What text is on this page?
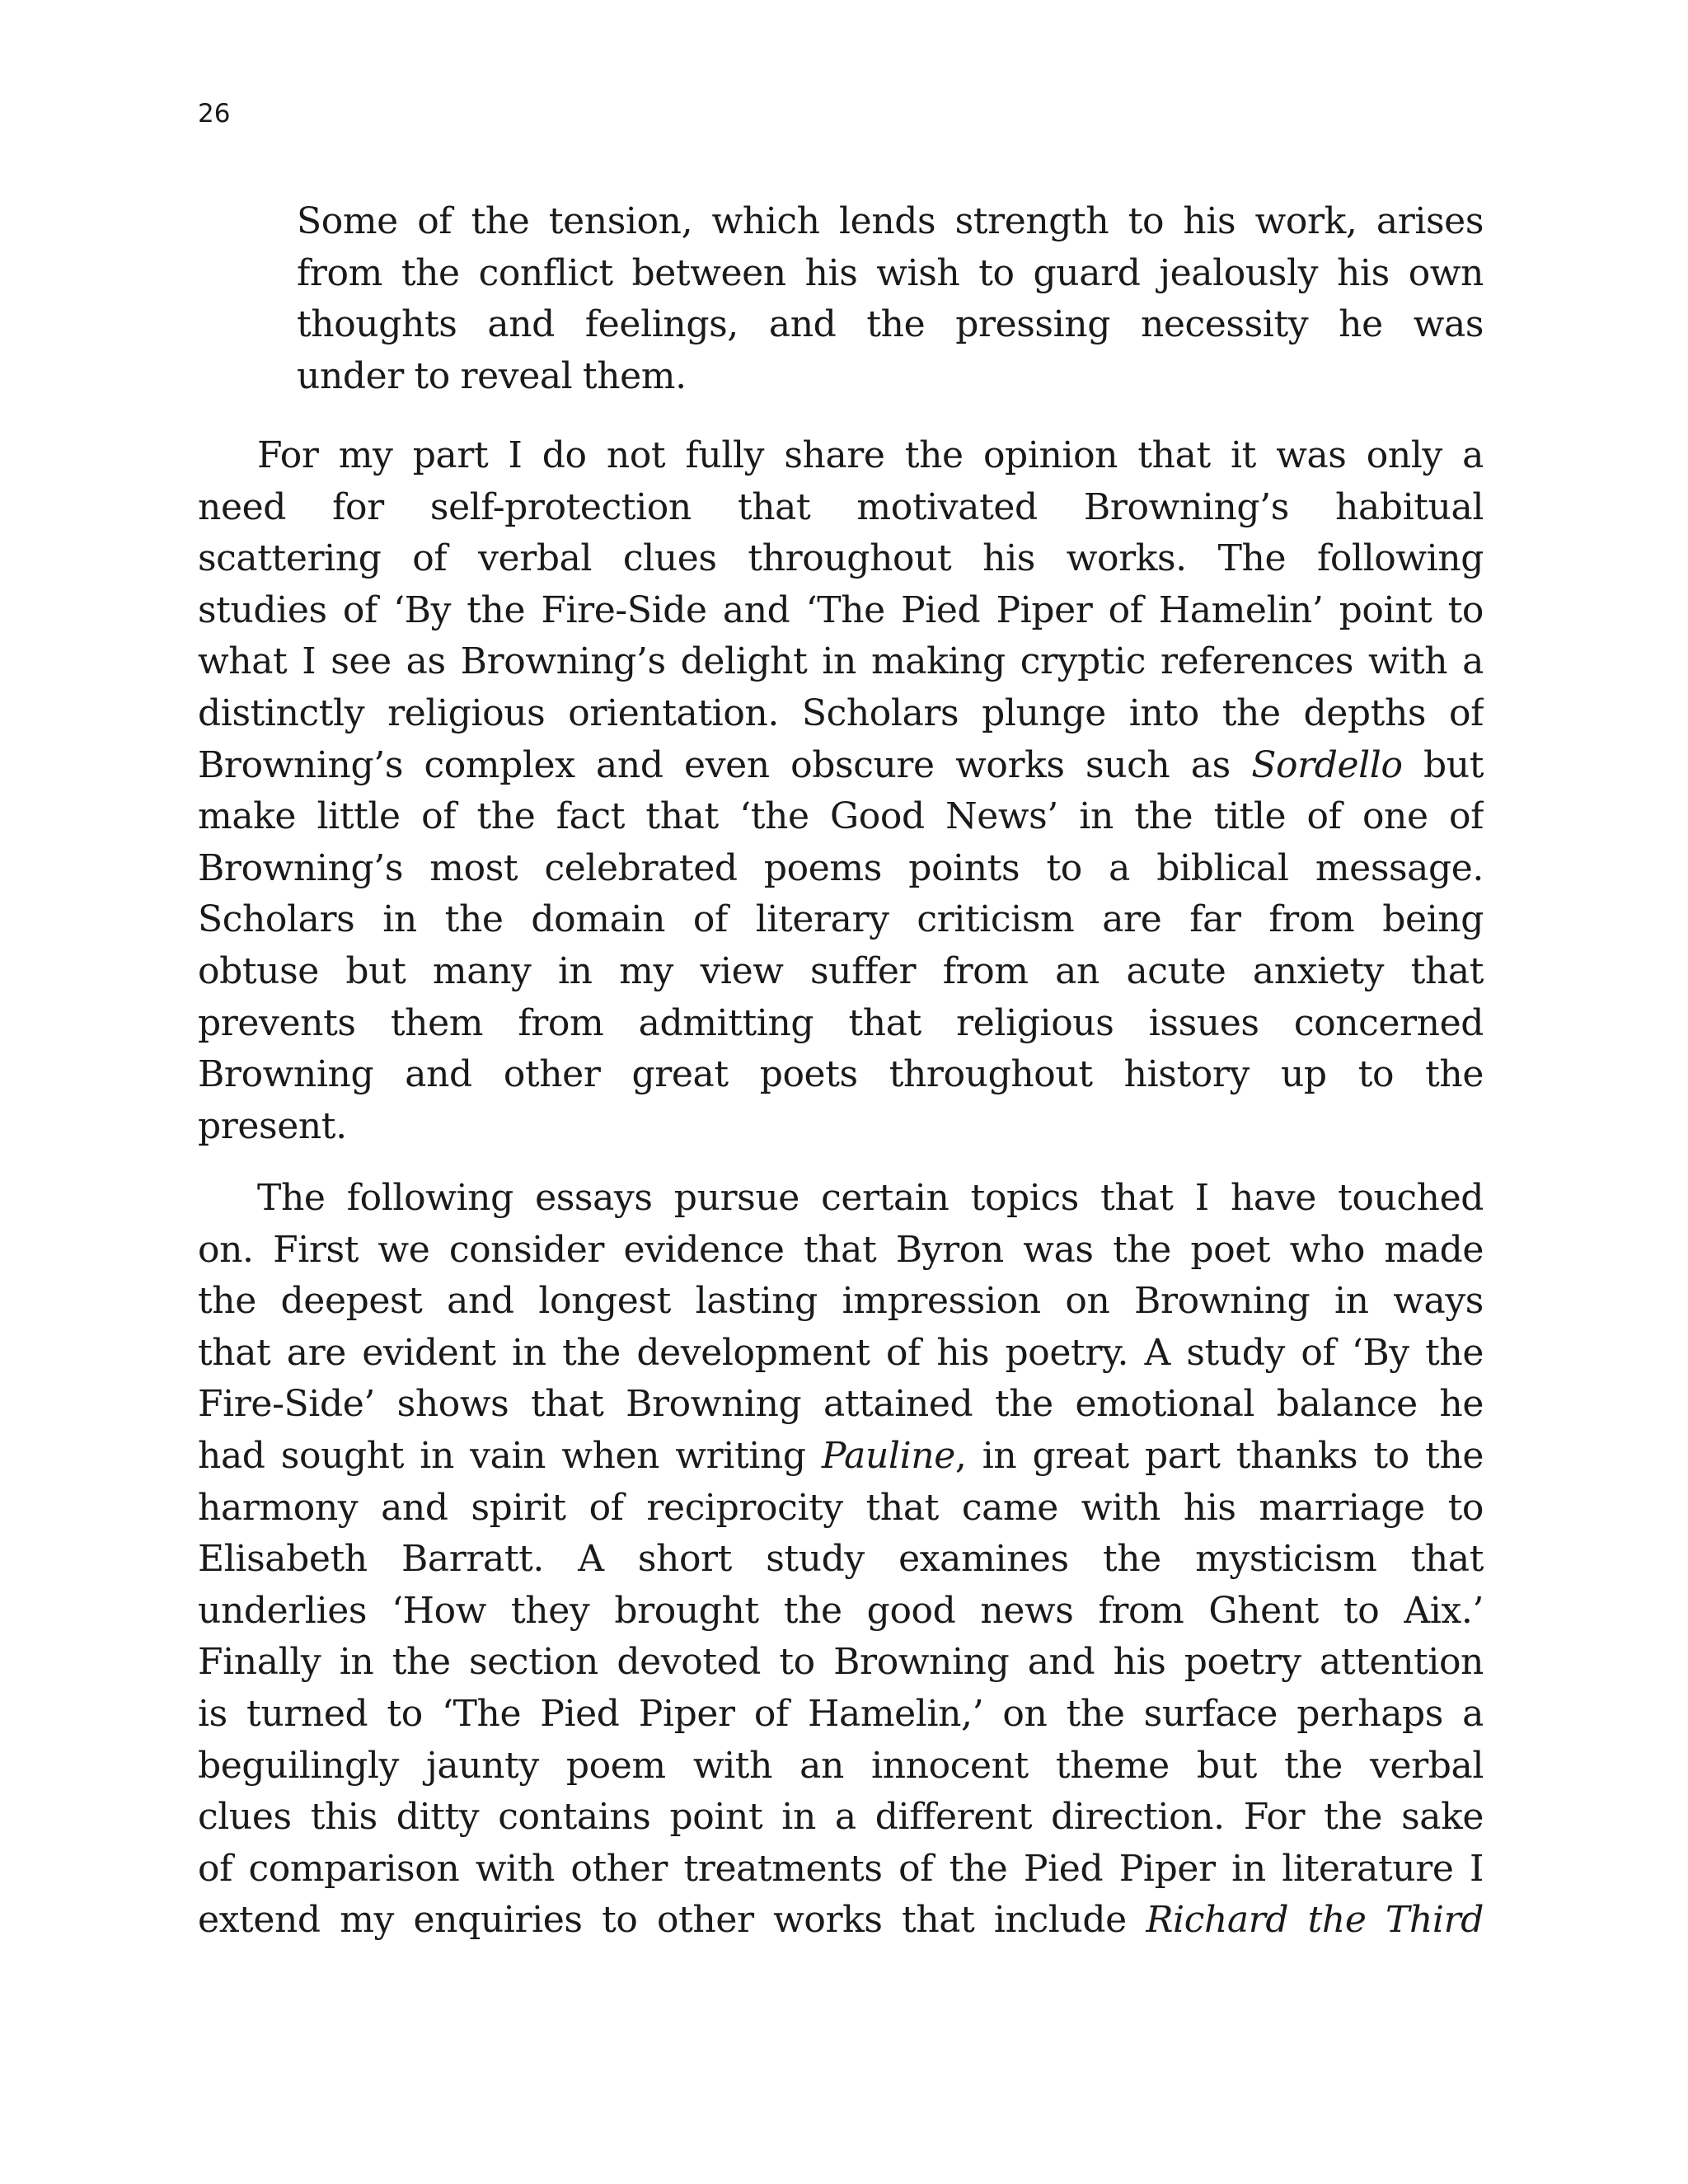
26
Some of the tension, which lends strength to his work, arises
from the conflict between his wish to guard jealously his own
thoughts and feelings, and the pressing necessity he was
under to reveal them.
For my part I do not fully share the opinion that it was only a
need for self-protection that motivated Browning’s habitual
scattering of verbal clues throughout his works. The following
studies of ‘By the Fire-Side and ‘The Pied Piper of Hamelin’ point to
what I see as Browning’s delight in making cryptic references with a
distinctly religious orientation. Scholars plunge into the depths of
Browning’s complex and even obscure works such as Sordello but
make little of the fact that ‘the Good News’ in the title of one of
Browning’s most celebrated poems points to a biblical message.
Scholars in the domain of literary criticism are far from being
obtuse but many in my view suffer from an acute anxiety that
prevents them from admitting that religious issues concerned
Browning and other great poets throughout history up to the
present.
The following essays pursue certain topics that I have touched
on. First we consider evidence that Byron was the poet who made
the deepest and longest lasting impression on Browning in ways
that are evident in the development of his poetry. A study of ‘By the
Fire-Side’ shows that Browning attained the emotional balance he
had sought in vain when writing Pauline, in great part thanks to the
harmony and spirit of reciprocity that came with his marriage to
Elisabeth Barratt. A short study examines the mysticism that
underlies ‘How they brought the good news from Ghent to Aix.’
Finally in the section devoted to Browning and his poetry attention
is turned to ‘The Pied Piper of Hamelin,’ on the surface perhaps a
beguilingly jaunty poem with an innocent theme but the verbal
clues this ditty contains point in a different direction. For the sake
of comparison with other treatments of the Pied Piper in literature I
extend my enquiries to other works that include Richard the Third
